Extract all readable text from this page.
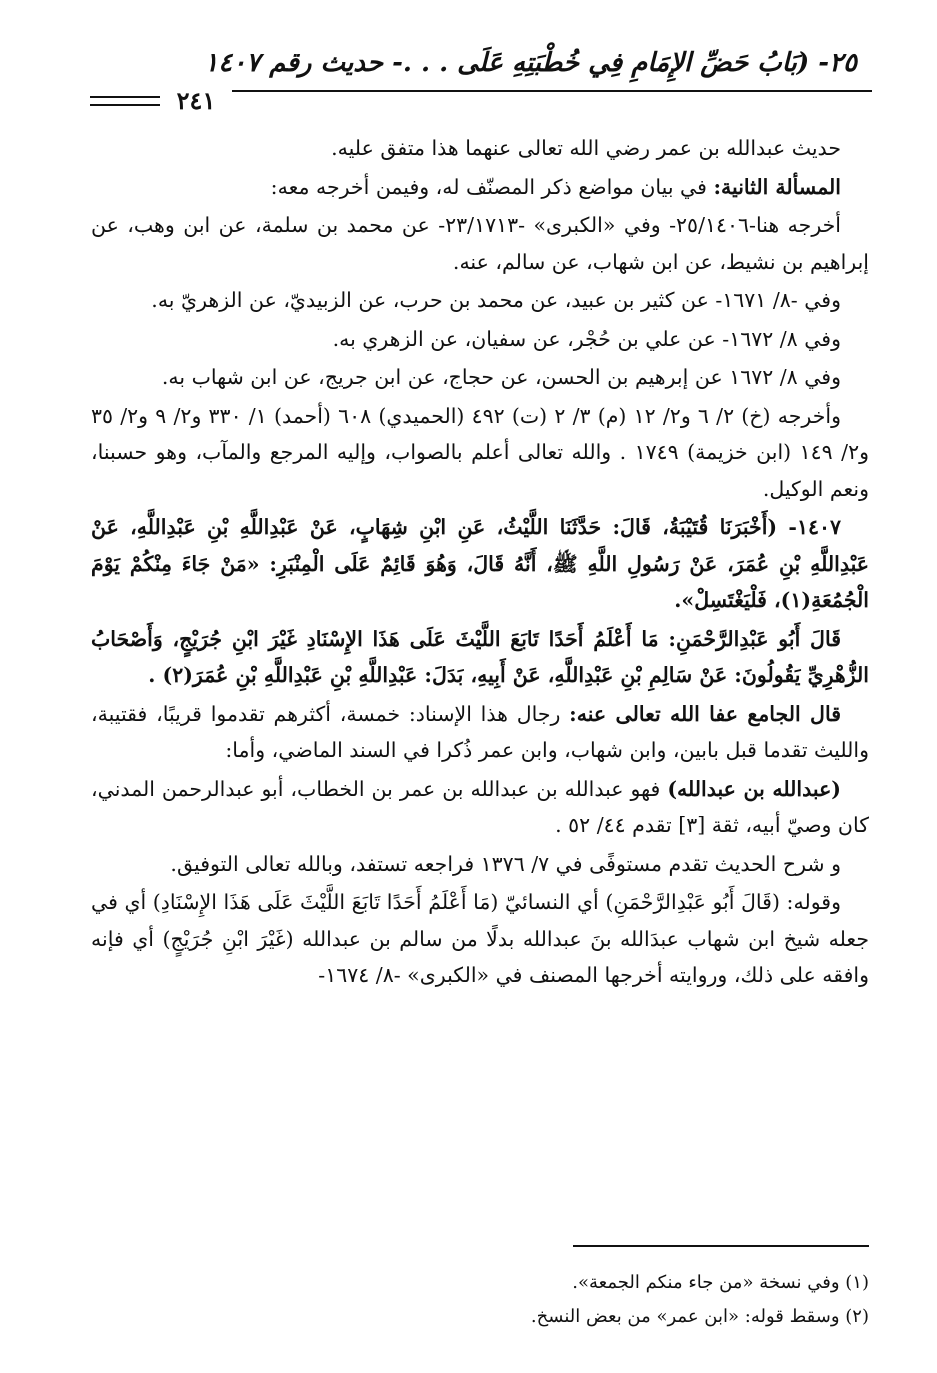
٢٥- (بَابُ حَضِّ الإِمَامِ فِي خُطْبَتِهِ عَلَى . . .- حديث رقم ١٤٠٧
٢٤١

حديث عبدالله بن عمر رضي الله تعالى عنهما هذا متفق عليه.

المسألة الثانية: في بيان مواضع ذكر المصنّف له، وفيمن أخرجه معه:

أخرجه هنا-٢٥/١٤٠٦- وفي «الكبرى» -٢٣/١٧١٣- عن محمد بن سلمة، عن ابن وهب، عن إبراهيم بن نشيط، عن ابن شهاب، عن سالم، عنه.

وفي -٨/ ١٦٧١- عن كثير بن عبيد، عن محمد بن حرب، عن الزبيديّ، عن الزهريّ به.

وفي ٨/ ١٦٧٢- عن علي بن حُجْر، عن سفيان، عن الزهري به.

وفي ٨/ ١٦٧٢ عن إبرهيم بن الحسن، عن حجاج، عن ابن جريج، عن ابن شهاب به.

وأخرجه (خ) ٢/ ٦ و٢/ ١٢ (م) ٣/ ٢ (ت) ٤٩٢ (الحميدي) ٦٠٨ (أحمد) ١/ ٣٣٠ و٢/ ٩ و٢/ ٣٥ و٢/ ١٤٩ (ابن خزيمة) ١٧٤٩ . والله تعالى أعلم بالصواب، وإليه المرجع والمآب، وهو حسبنا، ونعم الوكيل.

١٤٠٧- (أَخْبَرَنَا قُتَيْبَةُ، قَالَ: حَدَّثَنَا اللَّيْثُ، عَنِ ابْنِ شِهَابٍ، عَنْ عَبْدِاللَّهِ بْنِ عَبْدِاللَّهِ، عَنْ عَبْدِاللَّهِ بْنِ عُمَرَ، عَنْ رَسُولِ اللَّهِ ﷺ، أَنَّهُ قَالَ، وَهُوَ قَائِمٌ عَلَى الْمِنْبَرِ: «مَنْ جَاءَ مِنْكُمْ يَوْمَ الْجُمُعَةِ(١)، فَلْيَغْتَسِلْ».

قَالَ أَبُو عَبْدِالرَّحْمَنِ: مَا أَعْلَمُ أَحَدًا تَابَعَ اللَّيْثَ عَلَى هَذَا الإِسْنَادِ غَيْرَ ابْنِ جُرَيْجٍ، وَأَصْحَابُ الزُّهْرِيِّ يَقُولُونَ: عَنْ سَالِمِ بْنِ عَبْدِاللَّهِ، عَنْ أَبِيهِ، بَدَلَ: عَبْدِاللَّهِ بْنِ عَبْدِاللَّهِ بْنِ عُمَرَ(٢) .

قال الجامع عفا الله تعالى عنه: رجال هذا الإسناد: خمسة، أكثرهم تقدموا قريبًا، فقتيبة، والليث تقدما قبل بابين، وابن شهاب، وابن عمر ذُكرا في السند الماضي، وأما:

(عبدالله بن عبدالله) فهو عبدالله بن عبدالله بن عمر بن الخطاب، أبو عبدالرحمن المدني، كان وصيّ أبيه، ثقة [٣] تقدم ٤٤/ ٥٢ .

و شرح الحديث تقدم مستوفًى في ٧/ ١٣٧٦ فراجعه تستفد، وبالله تعالى التوفيق.

وقوله: (قَالَ أَبُو عَبْدِالرَّحْمَنِ) أي النسائيّ (مَا أَعْلَمُ أَحَدًا تَابَعَ اللَّيْثَ عَلَى هَذَا الإِسْنَادِ) أي في جعله شيخ ابن شهاب عبدَالله بنَ عبدالله بدلًا من سالم بن عبدالله (غَيْرَ ابْنِ جُرَيْجٍ) أي فإنه وافقه على ذلك، وروايته أخرجها المصنف في «الكبرى» -٨/ ١٦٧٤-

(١) وفي نسخة «من جاء منكم الجمعة».

(٢) وسقط قوله: «ابن عمر» من بعض النسخ.
